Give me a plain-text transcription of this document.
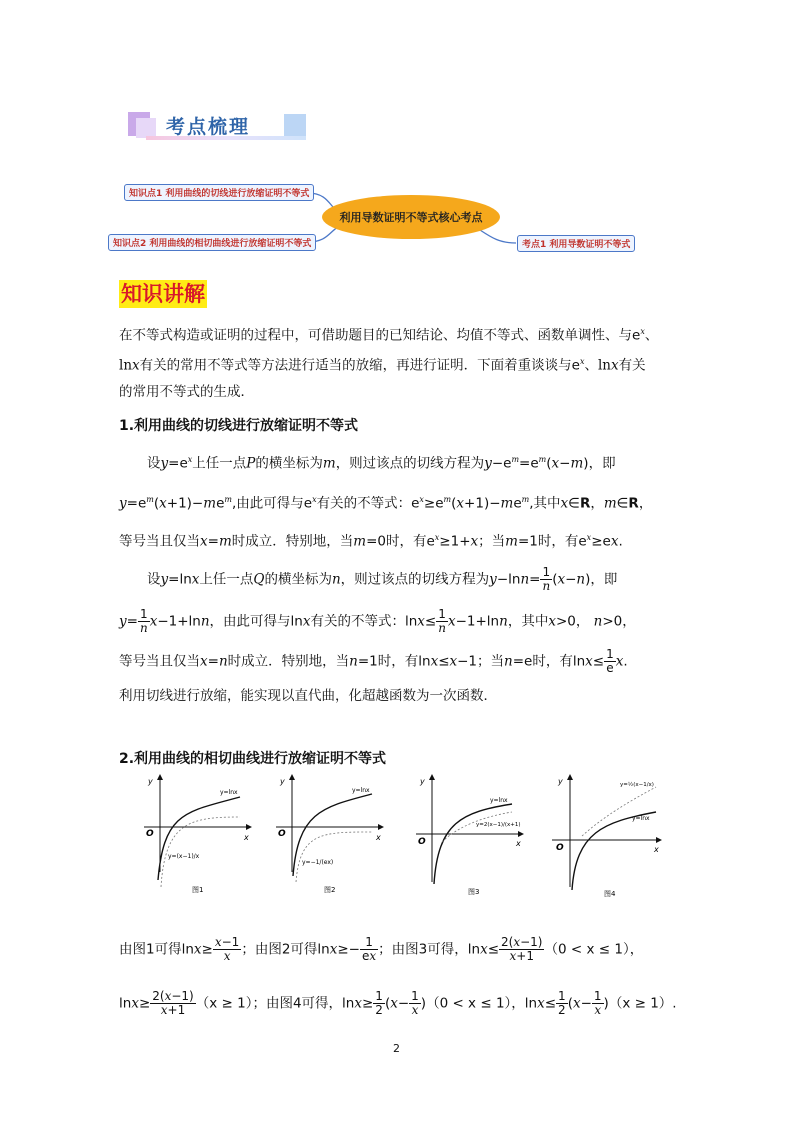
考点梳理
知识点1 利用曲线的切线进行放缩证明不等式
知识点2 利用曲线的相切曲线进行放缩证明不等式
利用导数证明不等式核心考点
考点1 利用导数证明不等式
知识讲解
在不等式构造或证明的过程中，可借助题目的已知结论、均值不等式、函数单调性、与$e^x$、
lnx有关的常用不等式等方法进行适当的放缩，再进行证明．下面着重谈谈与$e^x$、lnx有关
的常用不等式的生成．
1.利用曲线的切线进行放缩证明不等式
设$y=e^x$上任一点P的横坐标为m，则过该点的切线方程为$y-e^m=e^m(x-m)$，即
$y=e^m(x+1)-me^m$,由此可得与$e^x$有关的不等式：$e^x\ge e^m(x+1)-me^m$,其中x∈R，m∈R，
等号当且仅当x=m时成立．特别地，当m=0时，有$e^x\ge 1+x$；当m=1时，有$e^x\ge ex$.
设y=lnx上任一点Q的横坐标为n，则过该点的切线方程为$y-\ln n= \frac{1}{n} (x-n)$，即
$y= \frac{1}{n} x-1+\ln n$，由此可得与lnx有关的不等式：$\ln x\le \frac{1}{n} x-1+\ln n$，其中x>0， n>0，
等号当且仅当x=n时成立．特别地，当n=1时，有lnx≤x−1；当n=e时，有$\ln x\le \frac{1}{e} x$.
利用切线进行放缩，能实现以直代曲，化超越函数为一次函数．
2.利用曲线的相切曲线进行放缩证明不等式
y
x
O
y=lnx
y=(x−1)/x
图1
y
x
O
y=lnx
y=−1/(ex)
图2
y
x
O
y=lnx
y=2(x−1)/(x+1)
图3
y
x
O
y=½(x−1/x)
y=lnx
图4
由图1可得$\ln x\ge \frac{x-1}{x}$ ；由图2可得$\ln x\ge- \frac{1}{ex}$ ；由图3可得，$\ln x\le \frac{2(x-1)}{x+1} (0 < x \le 1)$，
$\ln x\ge \frac{2(x-1)}{x+1} (x \ge 1)$；由图4可得，$\ln x\ge \frac{1}{2} (x- \frac{1}{x} )(0 < x \le 1)$，$\ln x\le \frac{1}{2} (x- \frac{1}{x} )(x \ge 1)$.
2
